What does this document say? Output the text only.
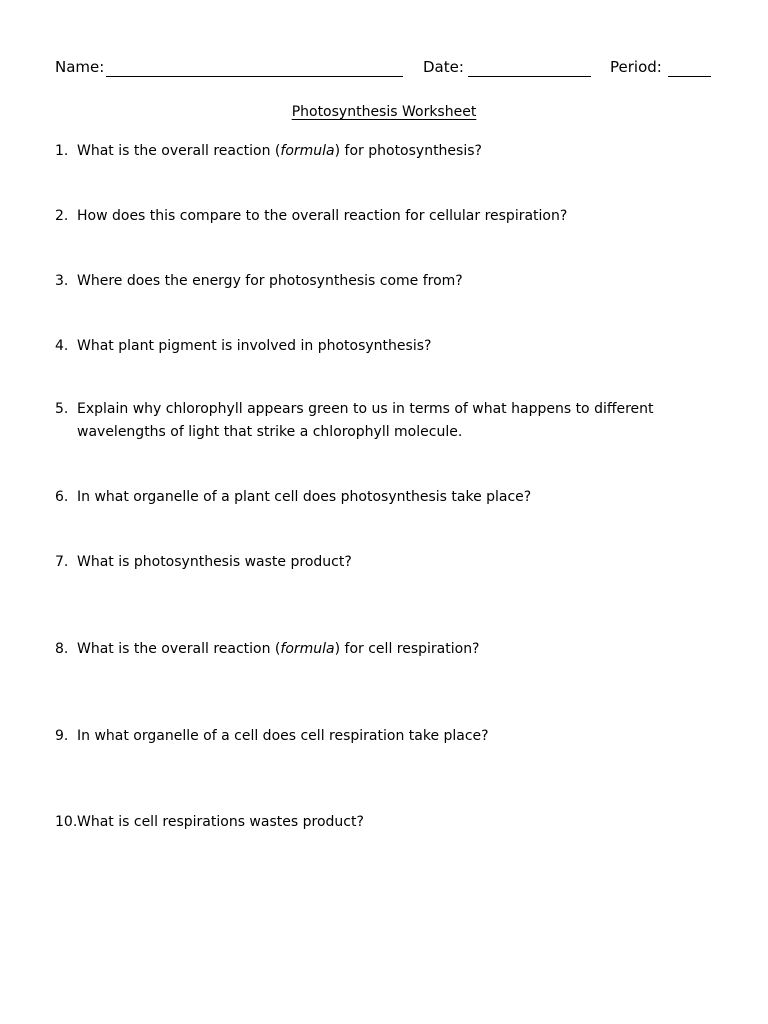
Name:	Date:	Period:
Photosynthesis Worksheet
1. What is the overall reaction (formula) for photosynthesis?
2. How does this compare to the overall reaction for cellular respiration?
3. Where does the energy for photosynthesis come from?
4. What plant pigment is involved in photosynthesis?
5. Explain why chlorophyll appears green to us in terms of what happens to different
wavelengths of light that strike a chlorophyll molecule.
6. In what organelle of a plant cell does photosynthesis take place?
7. What is photosynthesis waste product?
8. What is the overall reaction (formula) for cell respiration?
9. In what organelle of a cell does cell respiration take place?
10. What is cell respirations wastes product?
